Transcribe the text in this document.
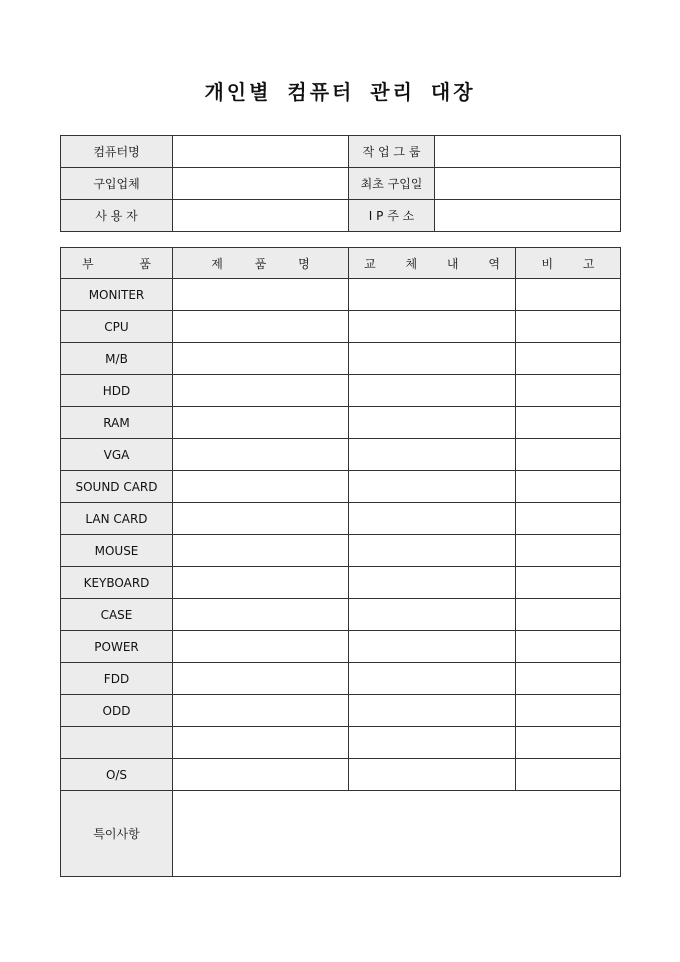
개인별 컴퓨터 관리 대장
컴퓨터명		작 업 그 룹	
구입업체		최초 구입일	
사 용 자		I P 주 소	
부 품	제 품 명	교 체 내 역	비 고
MONITER			
CPU			
M/B			
HDD			
RAM			
VGA			
SOUND CARD			
LAN CARD			
MOUSE			
KEYBOARD			
CASE			
POWER			
FDD			
ODD			

O/S			
특이사항			
